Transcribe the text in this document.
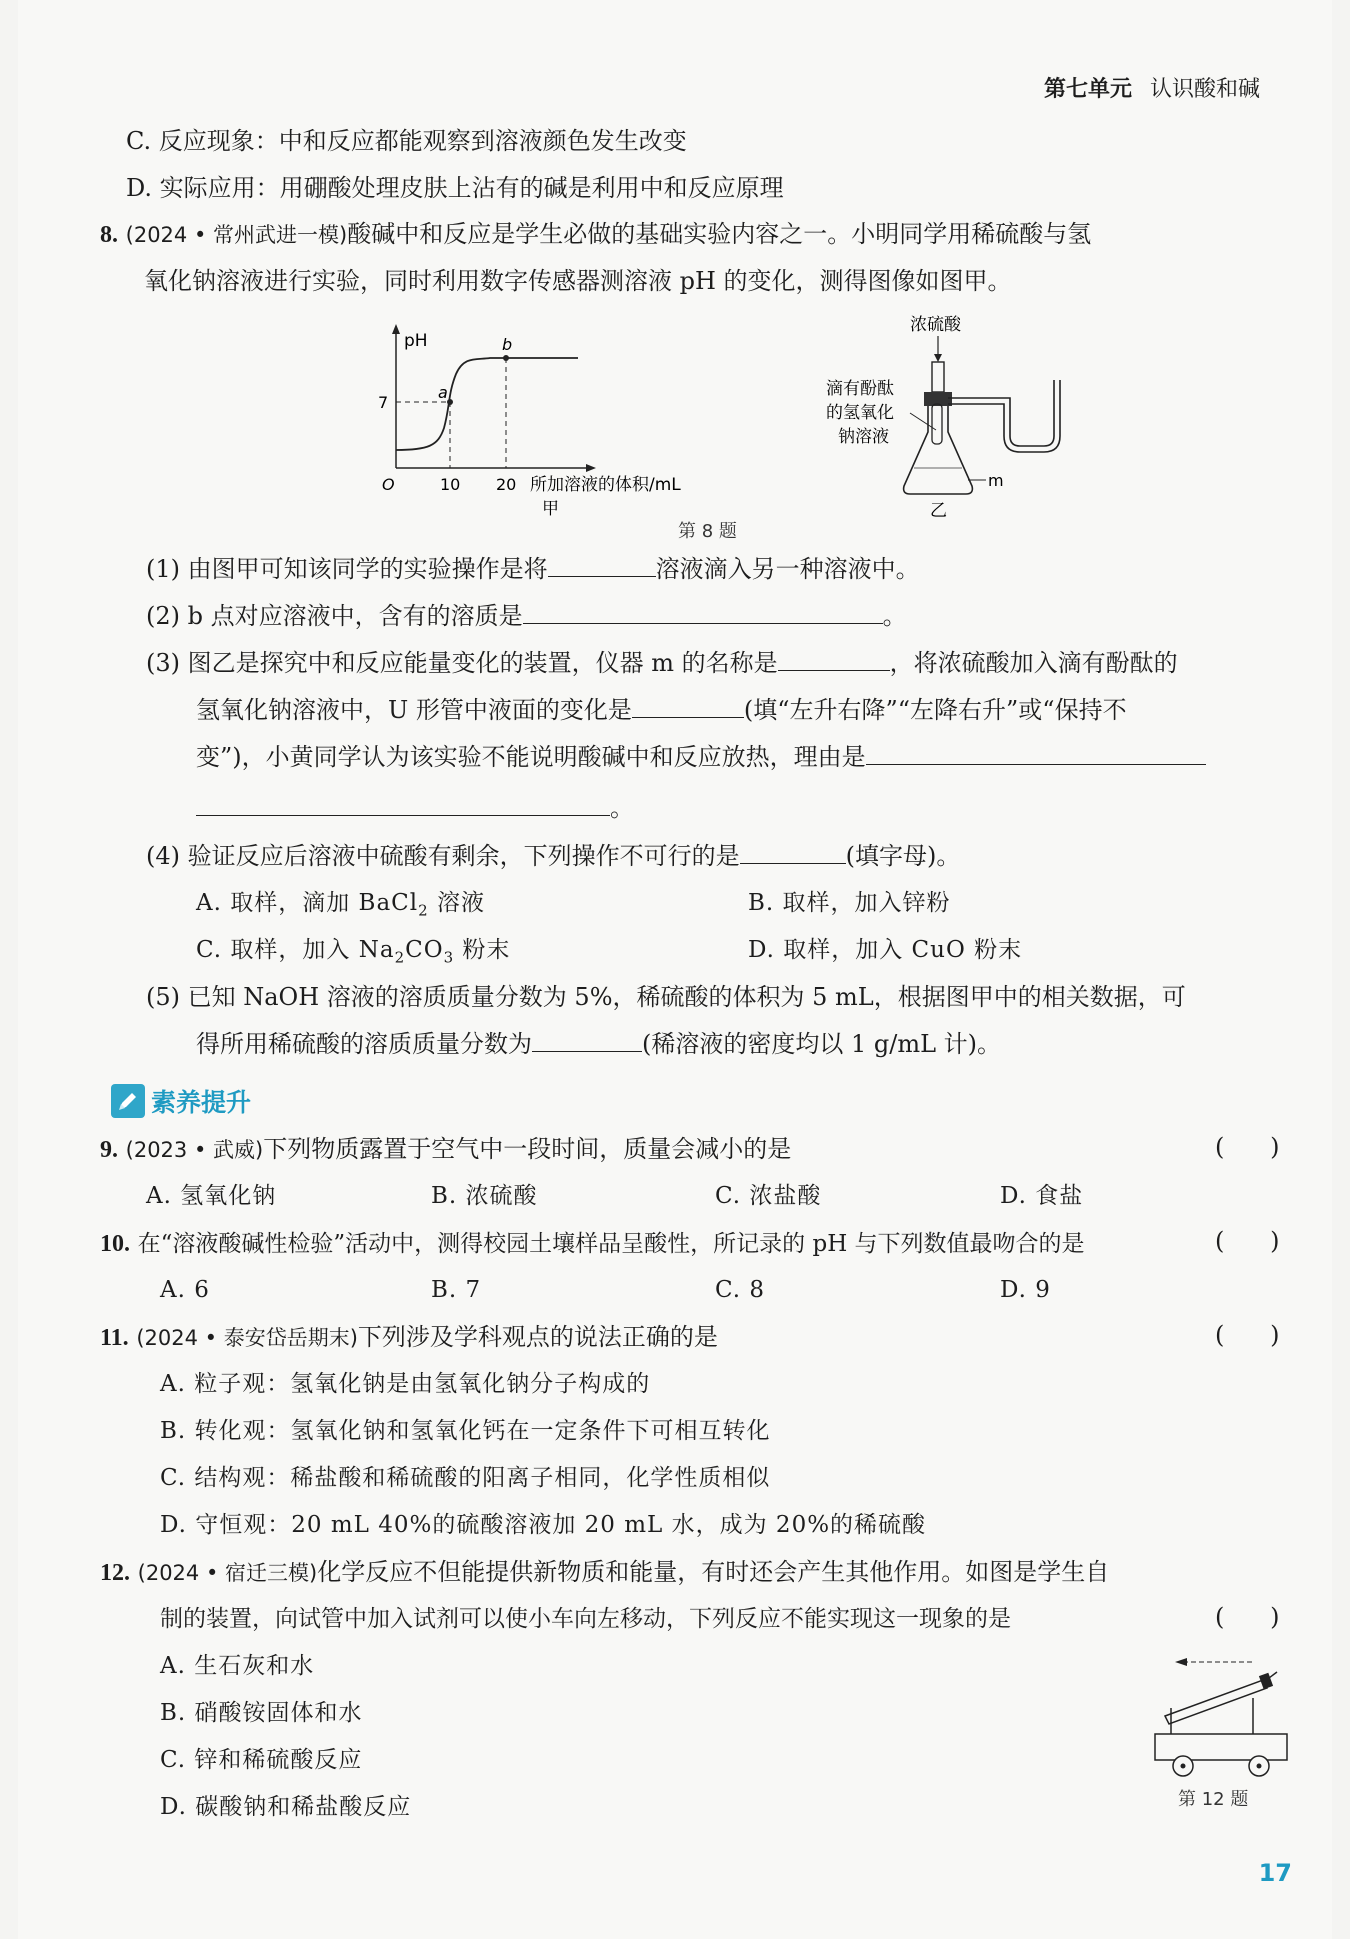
第七单元 认识酸和碱
C. 反应现象：中和反应都能观察到溶液颜色发生改变
D. 实际应用：用硼酸处理皮肤上沾有的碱是利用中和反应原理
8. (2024 • 常州武进一模)酸碱中和反应是学生必做的基础实验内容之一。小明同学用稀硫酸与氢
氧化钠溶液进行实验，同时利用数字传感器测溶液 pH 的变化，测得图像如图甲。
pH
7
O	10 20 所加溶液的体积/mL
a
b
甲
浓硫酸
滴有酚酞
的氢氧化
钠溶液
m
乙
第 8 题
(1) 由图甲可知该同学的实验操作是将	溶液滴入另一种溶液中。
(2) b 点对应溶液中，含有的溶质是	。
(3) 图乙是探究中和反应能量变化的装置，仪器 m 的名称是	，将浓硫酸加入滴有酚酞的
氢氧化钠溶液中，U 形管中液面的变化是	(填“左升右降”“左降右升”或“保持不
变”)，小黄同学认为该实验不能说明酸碱中和反应放热，理由是
。
(4) 验证反应后溶液中硫酸有剩余，下列操作不可行的是	(填字母)。
A. 取样，滴加 BaCl$_2$ 溶液	B. 取样，加入锌粉
C. 取样，加入 $Na_2CO_3$ 粉末	D. 取样，加入 CuO 粉末
(5) 已知 NaOH 溶液的溶质质量分数为 5%，稀硫酸的体积为 5 mL，根据图甲中的相关数据，可
得所用稀硫酸的溶质质量分数为	(稀溶液的密度均以 1 g/mL 计)。
素养提升
9. (2023 • 武威)下列物质露置于空气中一段时间，质量会减小的是	(      )
A. 氢氧化钠	B. 浓硫酸	C. 浓盐酸	D. 食盐
10. 在“溶液酸碱性检验”活动中，测得校园土壤样品呈酸性，所记录的 pH 与下列数值最吻合的是	(      )
A. 6	B. 7	C. 8	D. 9
11. (2024 • 泰安岱岳期末)下列涉及学科观点的说法正确的是	(      )
A. 粒子观：氢氧化钠是由氢氧化钠分子构成的
B. 转化观：氢氧化钠和氢氧化钙在一定条件下可相互转化
C. 结构观：稀盐酸和稀硫酸的阳离子相同，化学性质相似
D. 守恒观：20 mL 40%的硫酸溶液加 20 mL 水，成为 20%的稀硫酸
12. (2024 • 宿迁三模)化学反应不但能提供新物质和能量，有时还会产生其他作用。如图是学生自
制的装置，向试管中加入试剂可以使小车向左移动，下列反应不能实现这一现象的是	(      )
A. 生石灰和水
B. 硝酸铵固体和水
C. 锌和稀硫酸反应
D. 碳酸钠和稀盐酸反应	第 12 题
17
